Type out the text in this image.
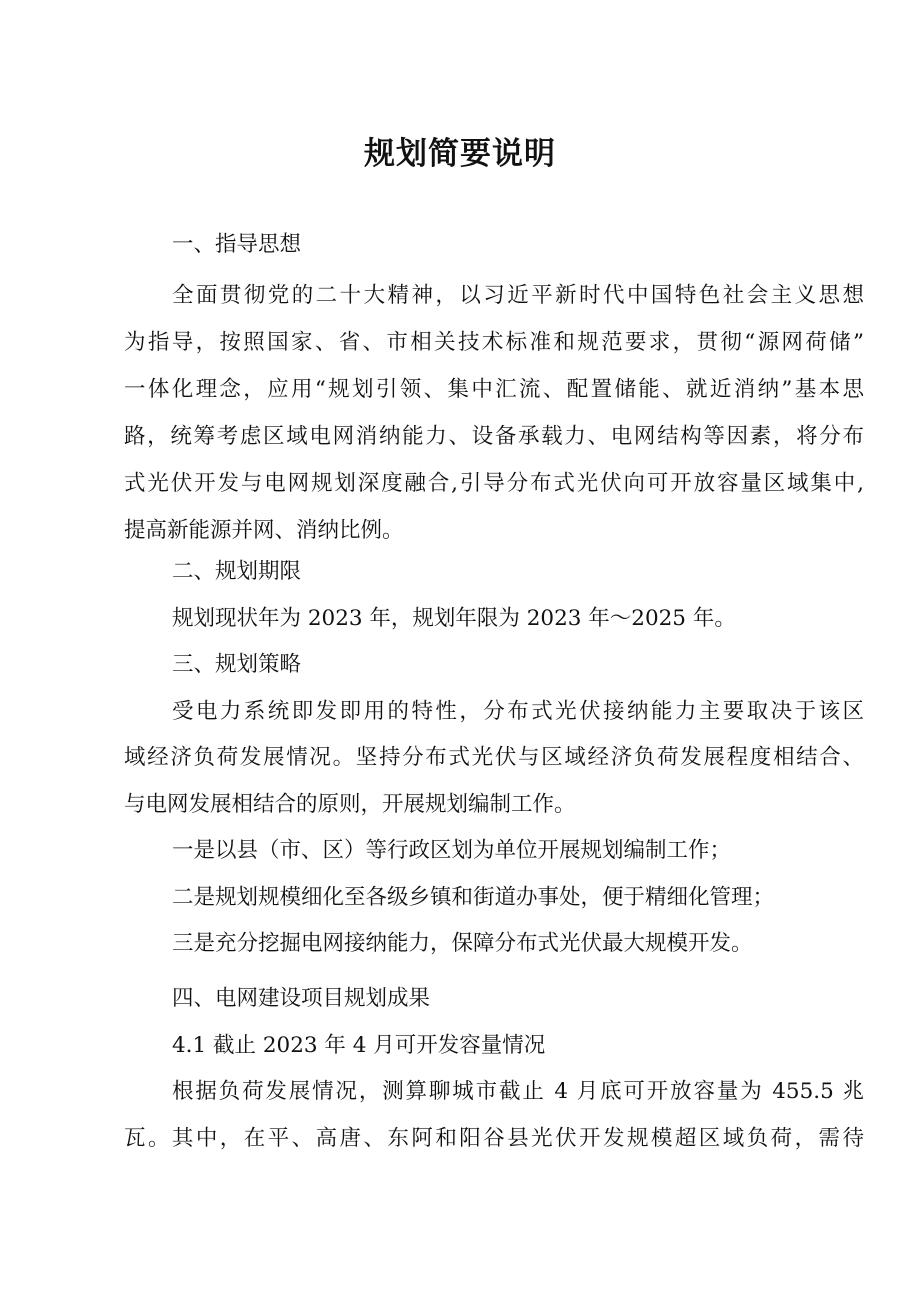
规划简要说明
一、指导思想
全面贯彻党的二十大精神，以习近平新时代中国特色社会主义思想
为指导，按照国家、省、市相关技术标准和规范要求，贯彻“源网荷储”
一体化理念，应用“规划引领、集中汇流、配置储能、就近消纳”基本思
路，统筹考虑区域电网消纳能力、设备承载力、电网结构等因素，将分布
式光伏开发与电网规划深度融合,引导分布式光伏向可开放容量区域集中,
提高新能源并网、消纳比例。
二、规划期限
规划现状年为 2023 年，规划年限为 2023 年～2025 年。
三、规划策略
受电力系统即发即用的特性，分布式光伏接纳能力主要取决于该区
域经济负荷发展情况。坚持分布式光伏与区域经济负荷发展程度相结合、
与电网发展相结合的原则，开展规划编制工作。
一是以县（市、区）等行政区划为单位开展规划编制工作；
二是规划规模细化至各级乡镇和街道办事处，便于精细化管理；
三是充分挖掘电网接纳能力，保障分布式光伏最大规模开发。
四、电网建设项目规划成果
4.1 截止 2023 年 4 月可开发容量情况
根据负荷发展情况，测算聊城市截止 4 月底可开放容量为 455.5 兆
瓦。其中，在平、高唐、东阿和阳谷县光伏开发规模超区域负荷，需待
